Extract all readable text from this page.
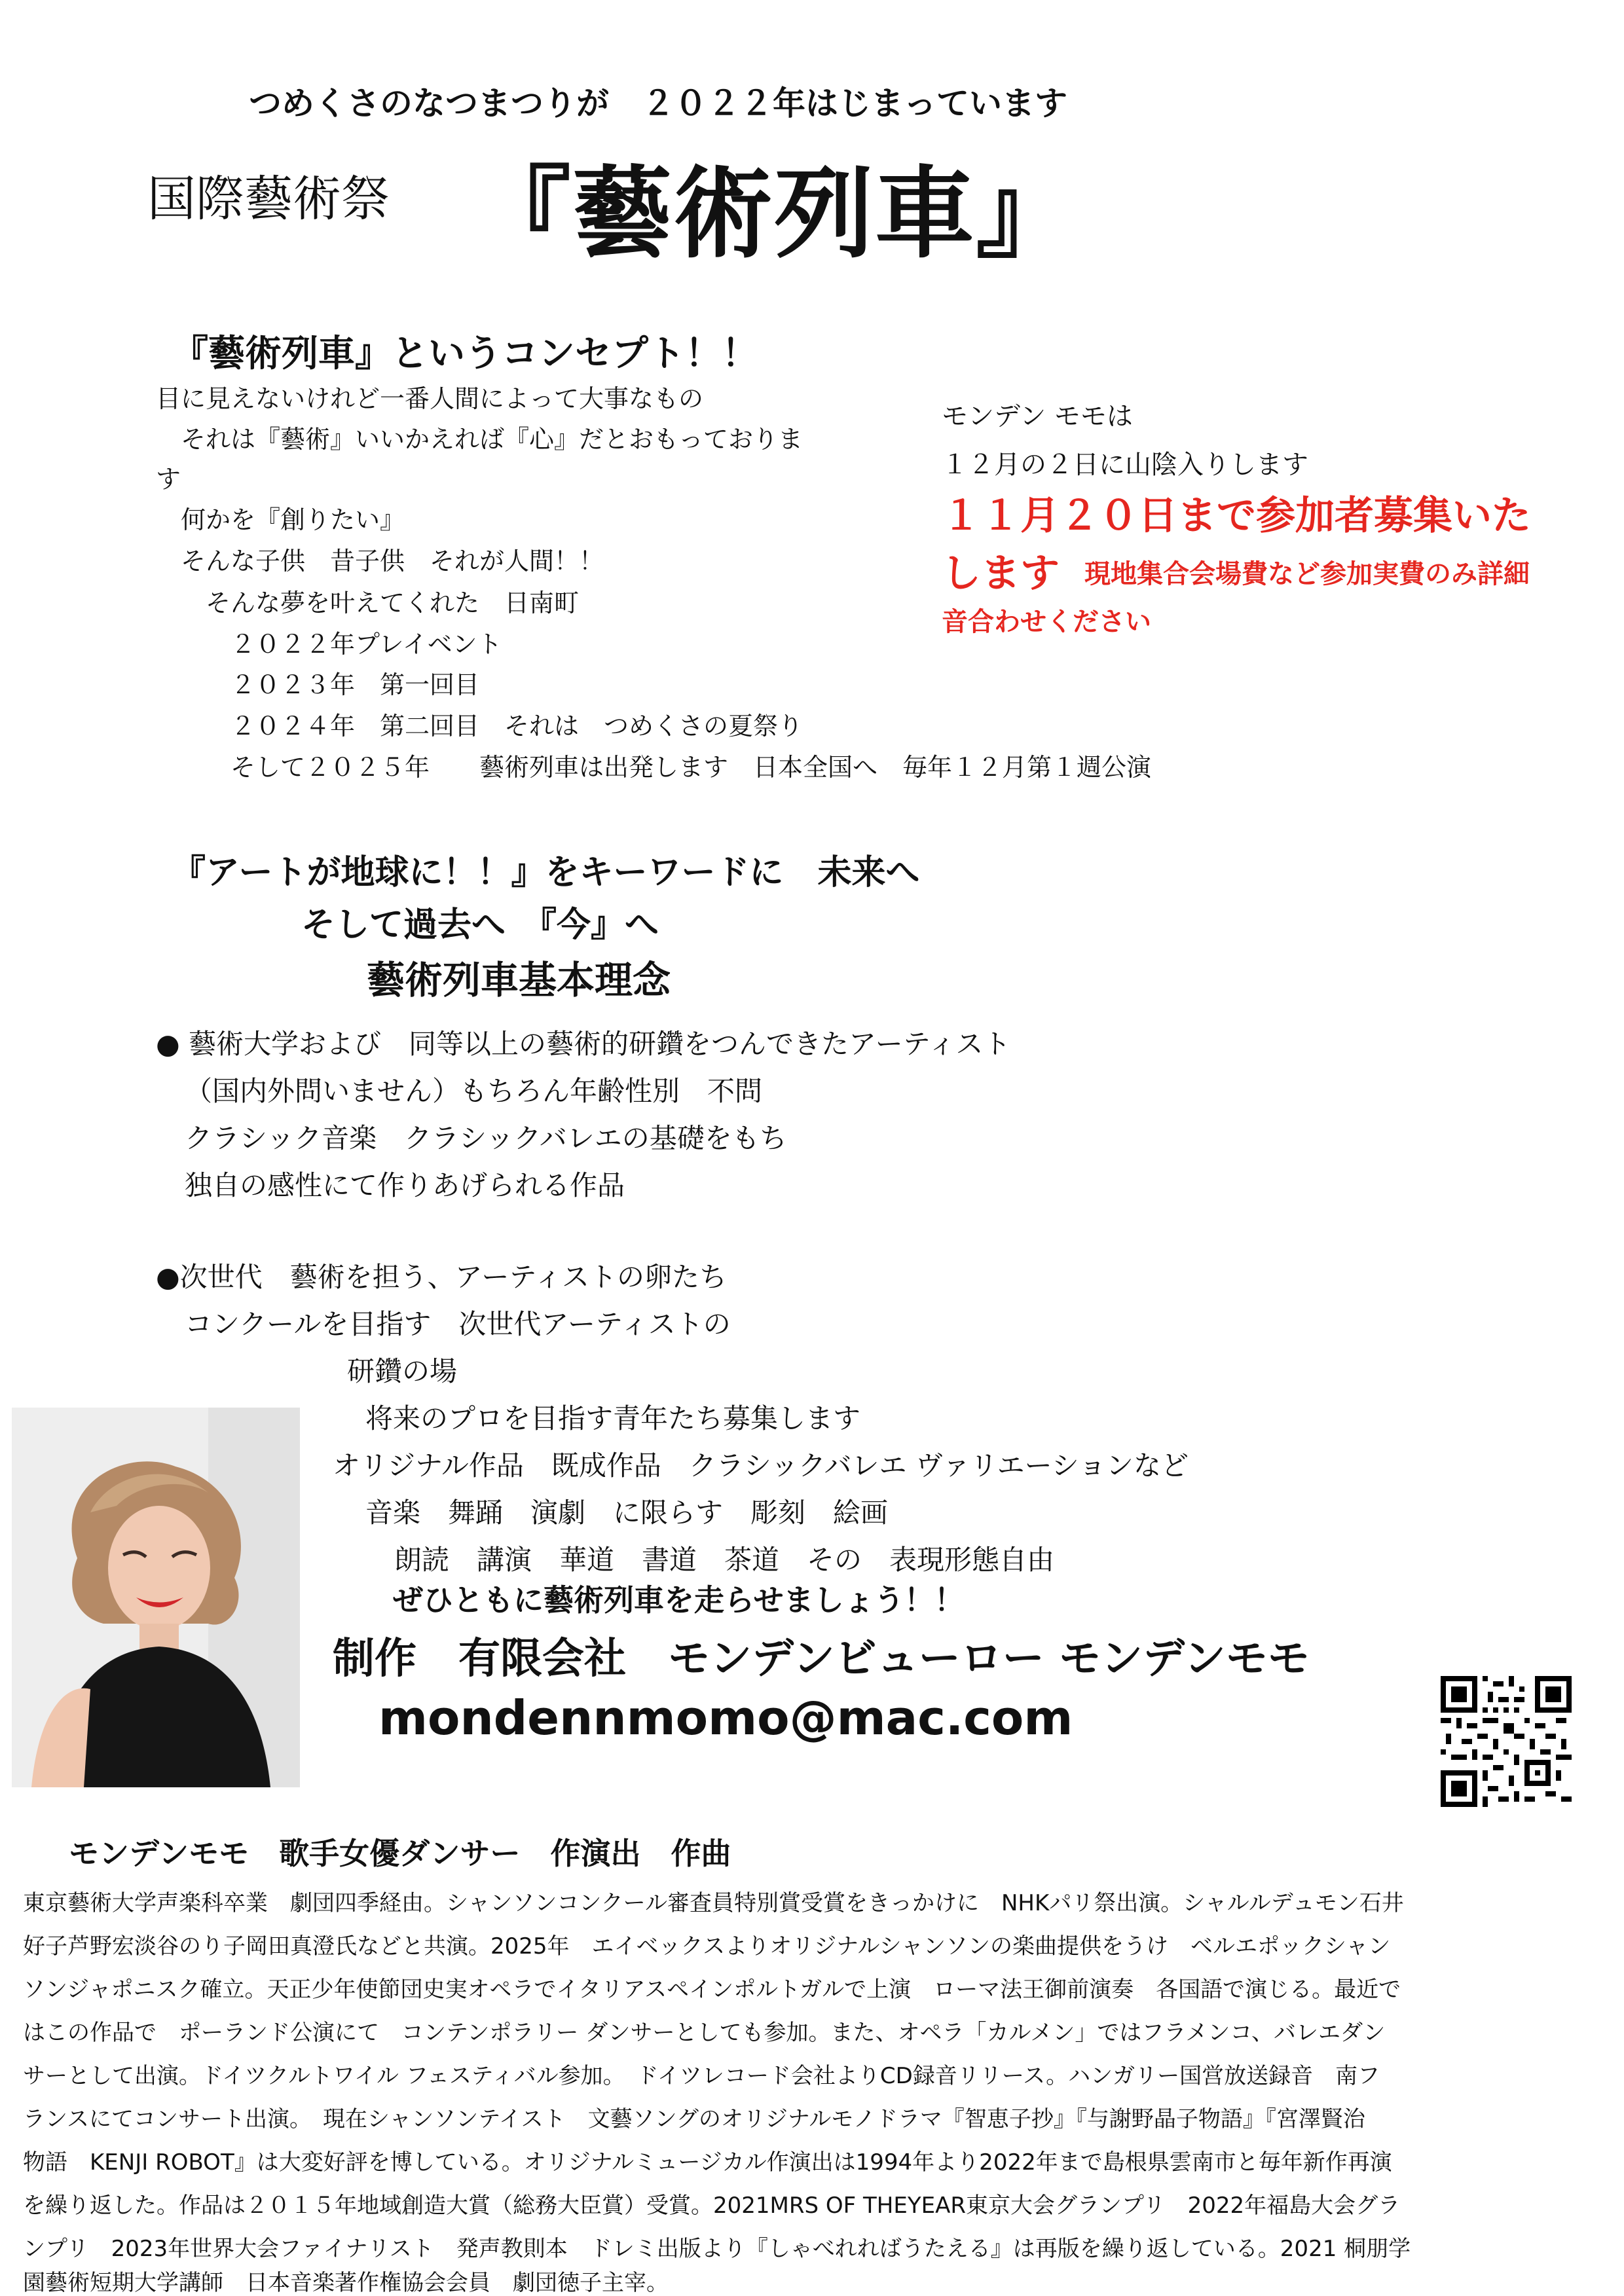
つめくさのなつまつりが　２０２２年はじまっています
国際藝術祭 『藝術列車』
『藝術列車』というコンセプト！！
目に見えないけれど一番人間によって大事なもの
　それは『藝術』いいかえれば『心』だとおもっておりま
す
　何かを『創りたい』
　そんな子供　昔子供　それが人間！！
　　そんな夢を叶えてくれた　日南町
　　　２０２２年プレイベント
　　　２０２３年　第一回目
　　　２０２４年　第二回目　それは　つめくさの夏祭り
　　　そして２０２５年　　藝術列車は出発します　日本全国へ　毎年１２月第１週公演
モンデン モモは
１２月の２日に山陰入りします
１１月２０日まで参加者募集いた
します 現地集合会場費など参加実費のみ詳細
音合わせください
『アートが地球に！！』をキーワードに　未来へ
そして過去へ　『今』へ
藝術列車基本理念
● 藝術大学および　同等以上の藝術的研鑽をつんできたアーティスト
（国内外問いません）もちろん年齢性別　不問
クラシック音楽　クラシックバレエの基礎をもち
独自の感性にて作りあげられる作品
●次世代　藝術を担う、アーティストの卵たち
コンクールを目指す　次世代アーティストの
研鑽の場
将来のプロを目指す青年たち募集します
オリジナル作品　既成作品　クラシックバレエ ヴァリエーションなど
音楽　舞踊　演劇　に限らす　彫刻　絵画
朗読　講演　華道　書道　茶道　その　表現形態自由
ぜひともに藝術列車を走らせましょう！！
制作　有限会社　モンデンビューロー モンデンモモ
mondennmomo@mac.com
モンデンモモ　歌手女優ダンサー　作演出　作曲
東京藝術大学声楽科卒業　劇団四季経由。シャンソンコンクール審査員特別賞受賞をきっかけに　NHKパリ祭出演。シャルルデュモン石井
好子芦野宏淡谷のり子岡田真澄氏などと共演。2025年　エイベックスよりオリジナルシャンソンの楽曲提供をうけ　ベルエポックシャン
ソンジャポニスク確立。天正少年使節団史実オペラでイタリアスペインポルトガルで上演　ローマ法王御前演奏　各国語で演じる。最近で
はこの作品で　ポーランド公演にて　コンテンポラリー ダンサーとしても参加。また、オペラ「カルメン」ではフラメンコ、バレエダン
サーとして出演。ドイツクルトワイル フェスティバル参加。　ドイツレコード会社よりCD録音リリース。ハンガリー国営放送録音　南フ
ランスにてコンサート出演。　現在シャンソンテイスト　文藝ソングのオリジナルモノドラマ『智恵子抄』『与謝野晶子物語』『宮澤賢治
物語　KENJI ROBOT』は大変好評を博している。オリジナルミュージカル作演出は1994年より2022年まで島根県雲南市と毎年新作再演
を繰り返した。作品は２０１５年地域創造大賞（総務大臣賞）受賞。2021MRS OF THEYEAR東京大会グランプリ　2022年福島大会グラ
ンプリ　2023年世界大会ファイナリスト　発声教則本　ドレミ出版より『しゃべれればうたえる』は再版を繰り返している。2021 桐朋学
園藝術短期大学講師　日本音楽著作権協会会員　劇団徳子主宰。
